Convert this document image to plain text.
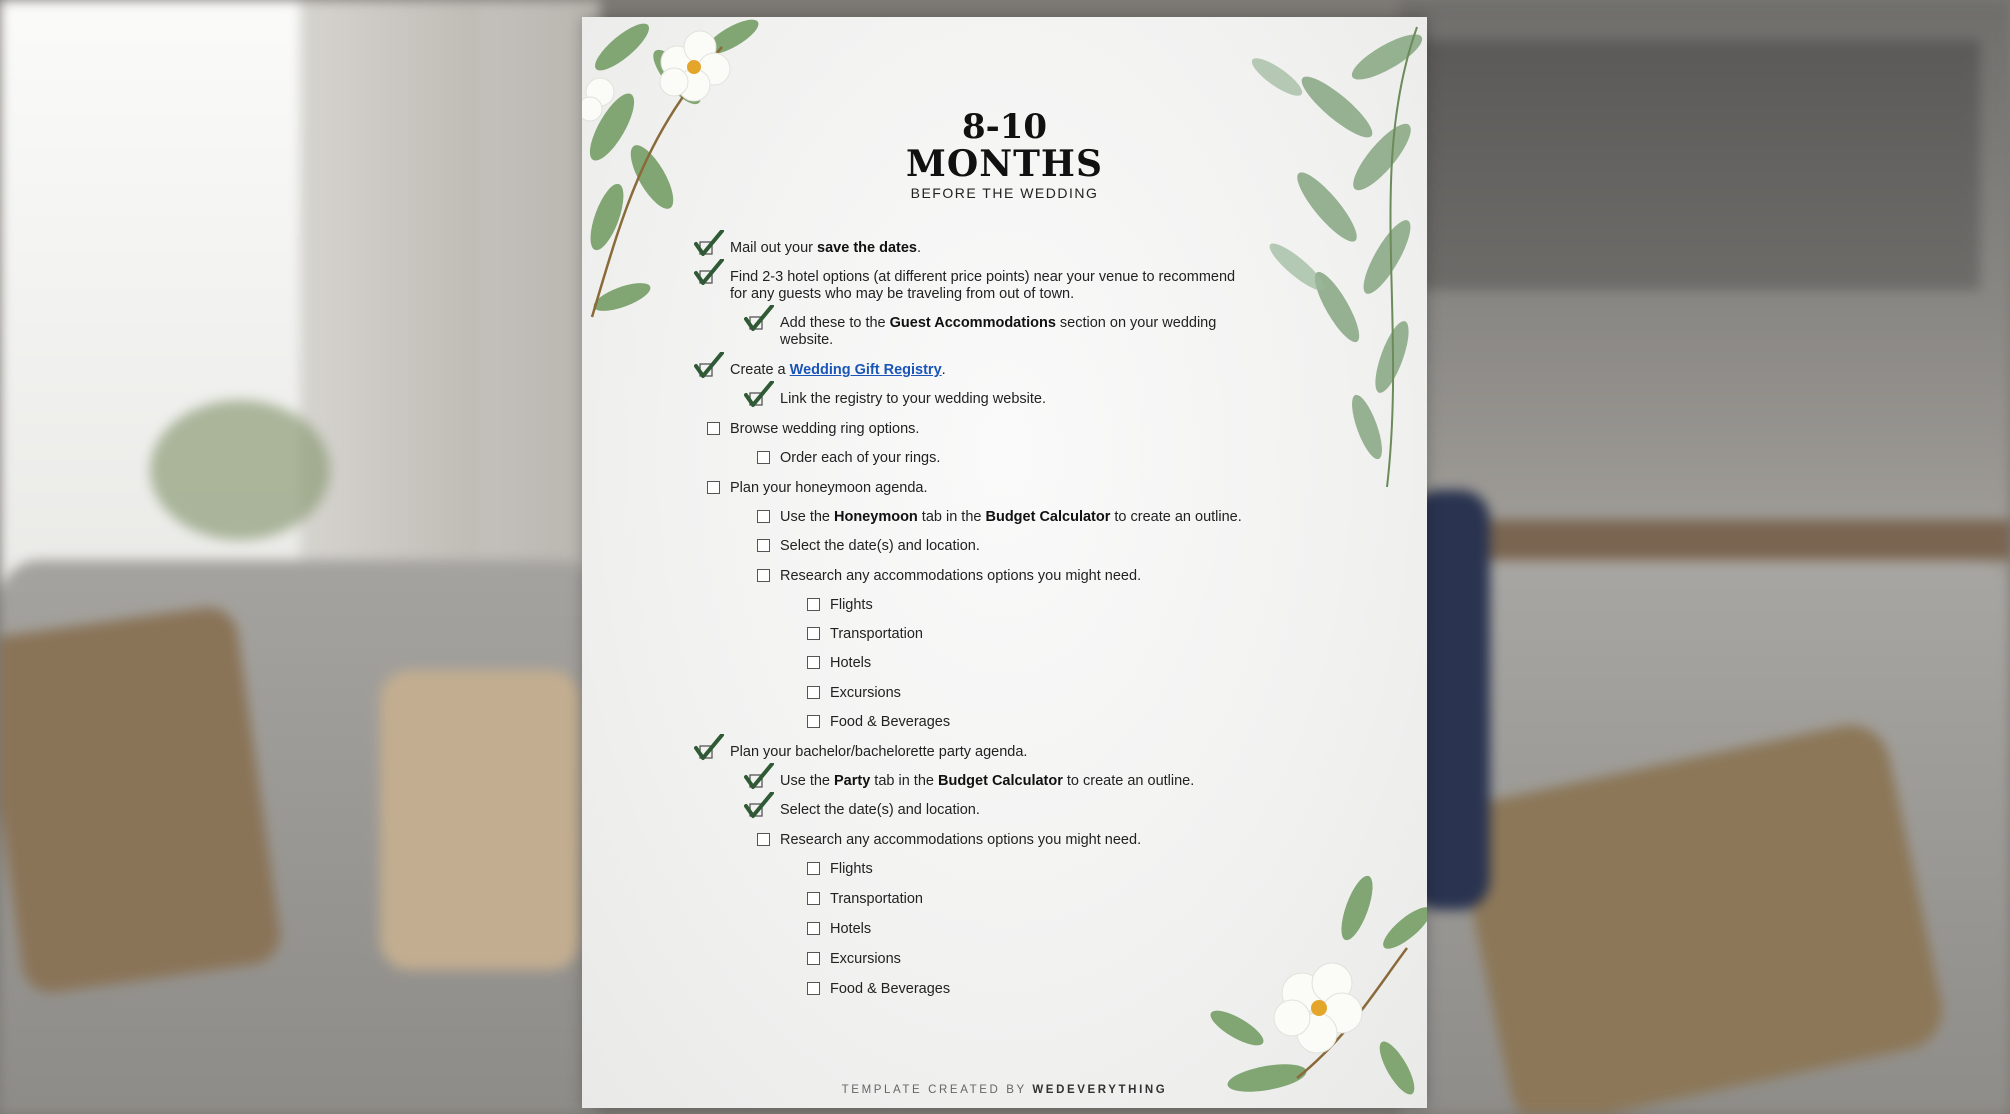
8-10
MONTHS
BEFORE THE WEDDING
Mail out your save the dates.
Find 2-3 hotel options (at different price points) near your venue to recommend
for any guests who may be traveling from out of town.
Add these to the Guest Accommodations section on your wedding
website.
Create a Wedding Gift Registry.
Link the registry to your wedding website.
Browse wedding ring options.
Order each of your rings.
Plan your honeymoon agenda.
Use the Honeymoon tab in the Budget Calculator to create an outline.
Select the date(s) and location.
Research any accommodations options you might need.
Flights
Transportation
Hotels
Excursions
Food & Beverages
Plan your bachelor/bachelorette party agenda.
Use the Party tab in the Budget Calculator to create an outline.
Select the date(s) and location.
Research any accommodations options you might need.
Flights
Transportation
Hotels
Excursions
Food & Beverages
TEMPLATE CREATED BY WEDEVERYTHING
